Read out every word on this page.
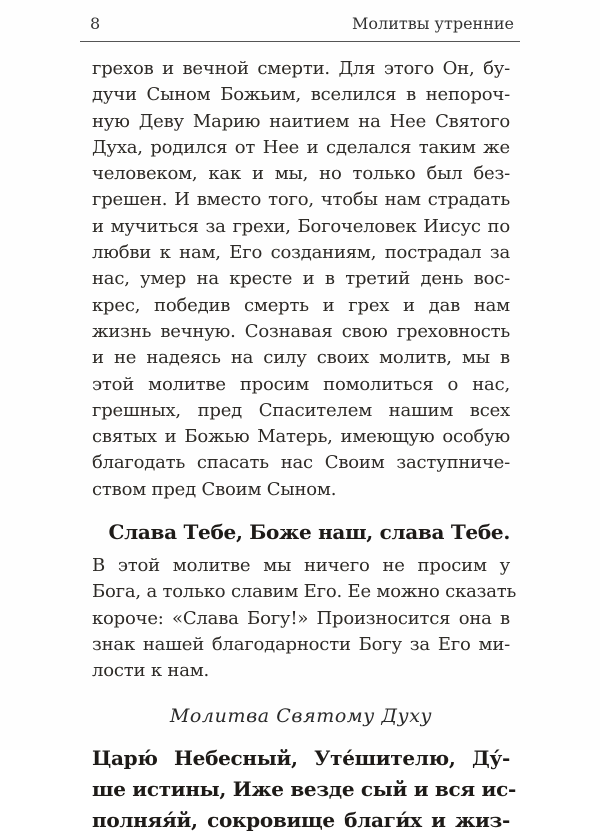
8	Молитвы утренние
грехов и вечной смерти. Для этого Он, бу-
дучи Сыном Божьим, вселился в непороч-
ную Деву Марию наитием на Нее Святого
Духа, родился от Нее и сделался таким же
человеком, как и мы, но только был без-
грешен. И вместо того, чтобы нам страдать
и мучиться за грехи, Богочеловек Иисус по
любви к нам, Его созданиям, пострадал за
нас, умер на кресте и в третий день вос-
крес, победив смерть и грех и дав нам
жизнь вечную. Сознавая свою греховность
и не надеясь на силу своих молитв, мы в
этой молитве просим помолиться о нас,
грешных, пред Спасителем нашим всех
святых и Божью Матерь, имеющую особую
благодать спасать нас Своим заступниче-
ством пред Своим Сыном.
Слава Тебе, Боже наш, слава Тебе.
В этой молитве мы ничего не просим у
Бога, а только славим Его. Ее можно сказать
короче: «Слава Богу!» Произносится она в
знак нашей благодарности Богу за Его ми-
лости к нам.
Молитва Святому Духу
Царю́ Небесный, Уте́шителю, Ду́-
ше истины, Иже везде сый и вся ис-
полняя́й, сокровище благи́х и жиз-
